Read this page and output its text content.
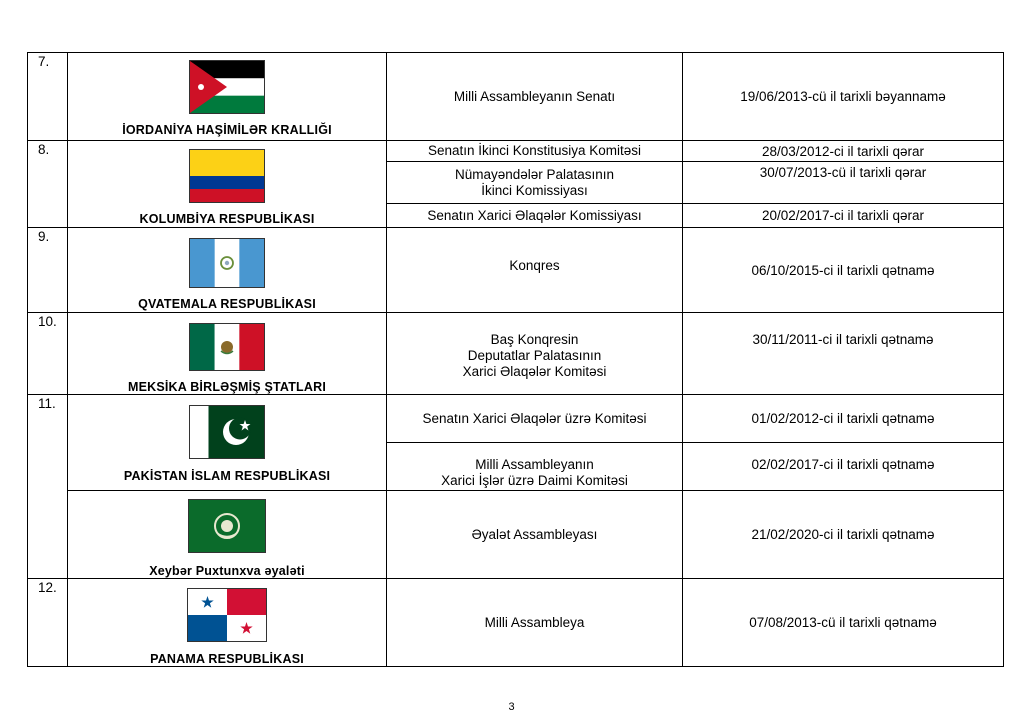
7.	İORDANİYA HAŞİMİLƏR KRALLIĞI	Milli Assambleyanın Senatı	19/06/2013-cü il tarixli bəyannamə

8.	KOLUMBİYA RESPUBLİKASI	Senatın İkinci Konstitusiya Komitəsi	28/03/2012-ci il tarixli qərar

		Nümayəndələr Palatasının
İkinci Komissiyası	30/07/2013-cü il tarixli qərar
		Senatın Xarici Əlaqələr Komissiyası	20/02/2017-ci il tarixli qərar

9.	QVATEMALA RESPUBLİKASI	Konqres	06/10/2015-ci il tarixli qətnamə

10.	MEKSİKA BİRLƏŞMİŞ ŞTATLARI	Baş Konqresin
Deputatlar Palatasının
Xarici Əlaqələr Komitəsi	30/11/2011-ci il tarixli qətnamə

11.	PAKİSTAN İSLAM RESPUBLİKASI	Senatın Xarici Əlaqələr üzrə Komitəsi	01/02/2012-ci il tarixli qətnamə

		Milli Assambleyanın
Xarici İşlər üzrə Daimi Komitəsi	02/02/2017-ci il tarixli qətnamə

	Xeybər Puxtunxva əyaləti	Əyalət Assambleyası	21/02/2020-ci il tarixli qətnamə

12.	PANAMA RESPUBLİKASI	Milli Assambleya	07/08/2013-cü il tarixli qətnamə
3
